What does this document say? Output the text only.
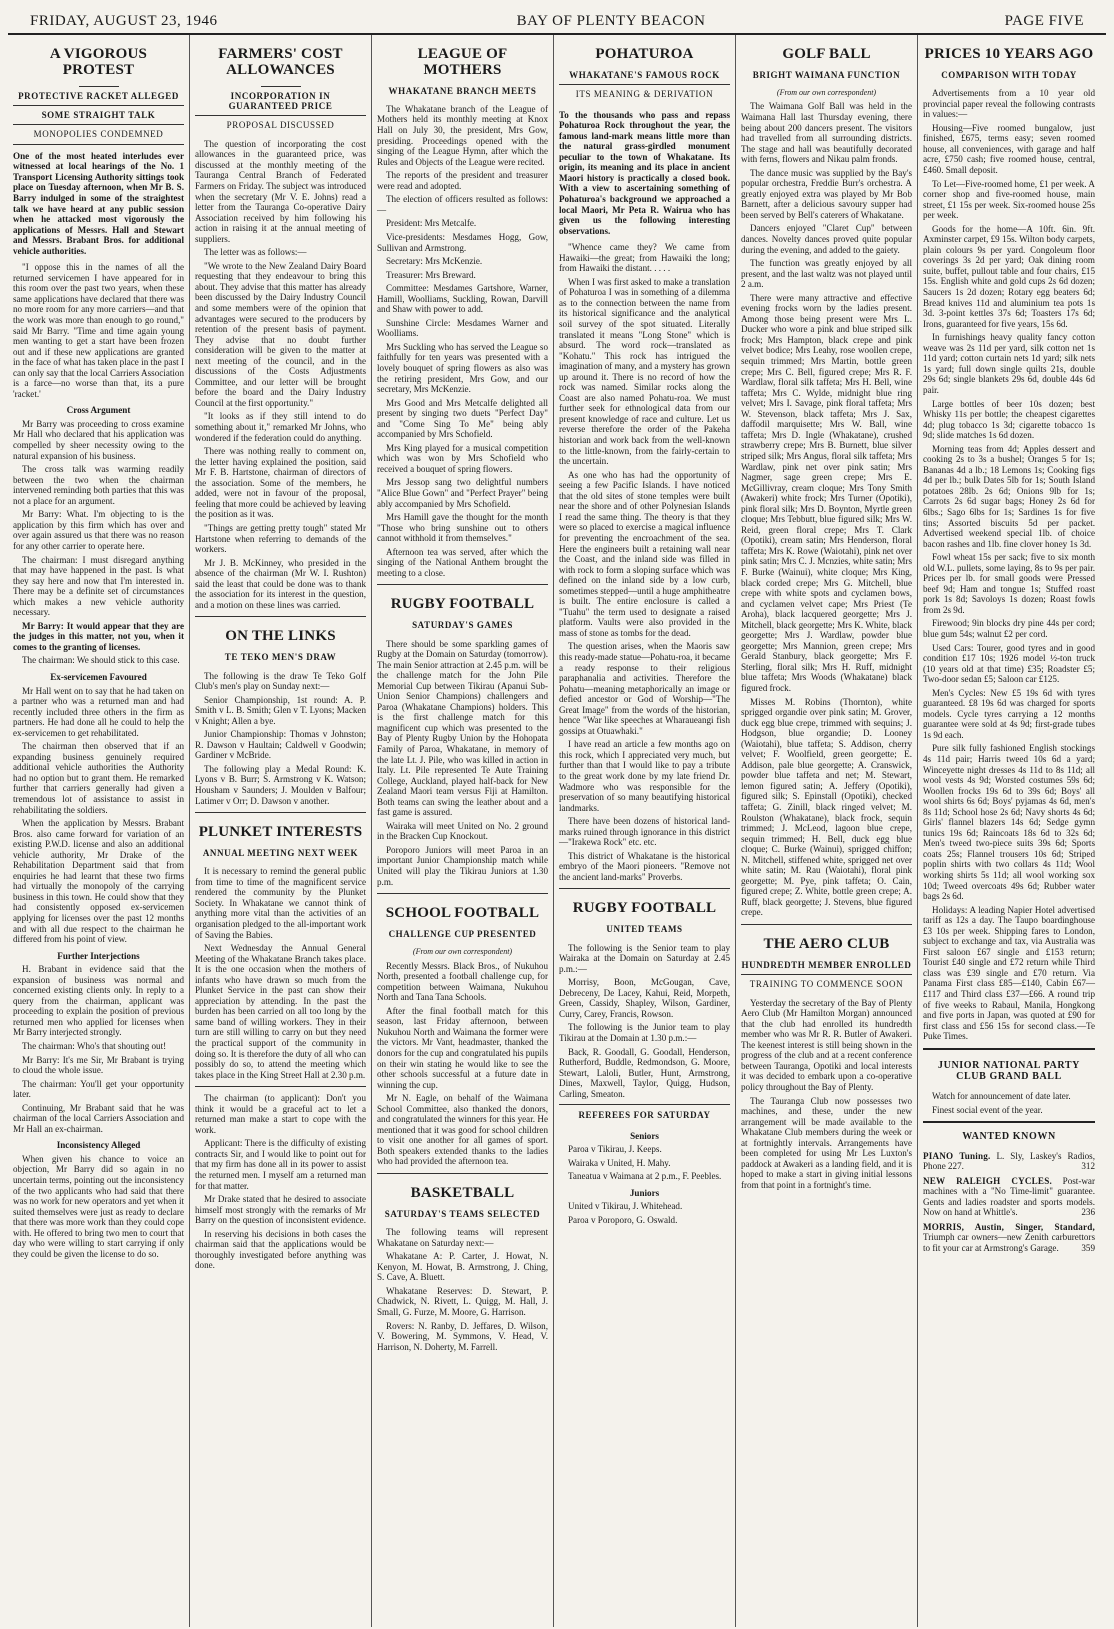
FRIDAY, AUGUST 23, 1946	BAY OF PLENTY BEACON	PAGE FIVE
A VIGOROUS PROTEST
PROTECTIVE RACKET ALLEGED
SOME STRAIGHT TALK
MONOPOLIES CONDEMNED
One of the most heated interludes ever witnessed at local hearings of the No. 1 Transport Licensing Authority sittings took place on Tuesday afternoon, when Mr B. S. Barry indulged in some of the straightest talk we have heard at any public session when he attacked most vigorously the applications of Messrs. Hall and Stewart and Messrs. Brabant Bros. for additional vehicle authorities.

"I oppose this in the names of all the returned servicemen I have appeared for in this room over the past two years, when these same applications have declared that there was no more room for any more carriers—and that the work was more than enough to go round," said Mr Barry. "Time and time again young men wanting to get a start have been frozen out and if these new applications are granted in the face of what has taken place in the past I can only say that the local Carriers Association is a farce—no worse than that, its a pure 'racket.'

Cross Argument

Mr Barry was proceeding to cross examine Mr Hall who declared that his application was compelled by sheer necessity owing to the natural expansion of his business.

The cross talk was warming readily between the two when the chairman intervened reminding both parties that this was not a place for an argument.

Mr Barry: What. I'm objecting to is the application by this firm which has over and over again assured us that there was no reason for any other carrier to operate here.

The chairman: I must disregard anything that may have happened in the past. Is what they say here and now that I'm interested in. There may be a definite set of circumstances which makes a new vehicle authority necessary.

Mr Barry: It would appear that they are the judges in this matter, not you, when it comes to the granting of licenses.

The chairman: We should stick to this case.

Ex-servicemen Favoured

Mr Hall went on to say that he had taken on a partner who was a returned man and had recently included three others in the firm as partners. He had done all he could to help the ex-servicemen to get rehabilitated.

The chairman then observed that if an expanding business genuinely required additional vehicle authorities the Authority had no option but to grant them. He remarked further that carriers generally had given a tremendous lot of assistance to assist in rehabilitating the soldiers.

When the application by Messrs. Brabant Bros. also came forward for variation of an existing P.W.D. license and also an additional vehicle authority, Mr Drake of the Rehabilitation Department said that from enquiries he had learnt that these two firms had virtually the monopoly of the carrying business in this town. He could show that they had consistently opposed ex-servicemen applying for licenses over the past 12 months and with all due respect to the chairman he differed from his point of view.

Further Interjections

H. Brabant in evidence said that the expansion of business was normal and concerned existing clients only. In reply to a query from the chairman, applicant was proceeding to explain the position of previous returned men who applied for licenses when Mr Barry interjected strongly.

The chairman: Who's that shouting out!

Mr Barry: It's me Sir, Mr Brabant is trying to cloud the whole issue.

The chairman: You'll get your opportunity later.

Continuing, Mr Brabant said that he was chairman of the local Carriers Association and Mr Hall an ex-chairman.

Inconsistency Alleged

When given his chance to voice an objection, Mr Barry did so again in no uncertain terms, pointing out the inconsistency of the two applicants who had said that there was no work for new operators and yet when it suited themselves were just as ready to declare that there was more work than they could cope with. He offered to bring two men to court that day who were willing to start carrying if only they could be given the license to do so.

FARMERS' COST ALLOWANCES
INCORPORATION IN GUARANTEED PRICE
PROPOSAL DISCUSSED

The question of incorporating the cost allowances in the guaranteed price, was discussed at the monthly meeting of the Tauranga Central Branch of Federated Farmers on Friday. The subject was introduced when the secretary (Mr V. E. Johns) read a letter from the Tauranga Co-operative Dairy Association received by him following his action in raising it at the annual meeting of suppliers.

The letter was as follows:—

"We wrote to the New Zealand Dairy Board requesting that they endeavour to bring this about. They advise that this matter has already been discussed by the Dairy Industry Council and some members were of the opinion that advantages were secured to the producers by retention of the present basis of payment. They advise that no doubt further consideration will be given to the matter at next meeting of the council, and in the discussions of the Costs Adjustments Committee, and our letter will be brought before the board and the Dairy Industry Council at the first opportunity."

"It looks as if they still intend to do something about it," remarked Mr Johns, who wondered if the federation could do anything.

There was nothing really to comment on, the letter having explained the position, said Mr F. B. Hartstone, chairman of directors of the association. Some of the members, he added, were not in favour of the proposal, feeling that more could be achieved by leaving the position as it was.

"Things are getting pretty tough" stated Mr Hartstone when referring to demands of the workers.

Mr J. B. McKinney, who presided in the absence of the chairman (Mr W. I. Rushton) said the least that could be done was to thank the association for its interest in the question, and a motion on these lines was carried.

ON THE LINKS
TE TEKO MEN'S DRAW

The following is the draw Te Teko Golf Club's men's play on Sunday next:—

Senior Championship, 1st round: A. P. Smith v L. B. Smith; Glen v T. Lyons; Macken v Knight; Allen a bye.

Junior Championship: Thomas v Johnston; R. Dawson v Haultain; Caldwell v Goodwin; Gardiner v McBride.

The following play a Medal Round: K. Lyons v B. Burr; S. Armstrong v K. Watson; Housham v Saunders; J. Moulden v Balfour; Latimer v Orr; D. Dawson v another.

PLUNKET INTERESTS
ANNUAL MEETING NEXT WEEK

It is necessary to remind the general public from time to time of the magnificent service rendered the community by the Plunket Society. In Whakatane we cannot think of anything more vital than the activities of an organisation pledged to the all-important work of Saving the Babies.

Next Wednesday the Annual General Meeting of the Whakatane Branch takes place. It is the one occasion when the mothers of infants who have drawn so much from the Plunket Service in the past can show their appreciation by attending. In the past the burden has been carried on all too long by the same band of willing workers. They in their turn are still willing to carry on but they need the practical support of the community in doing so. It is therefore the duty of all who can possibly do so, to attend the meeting which takes place in the King Street Hall at 2.30 p.m.

The chairman (to applicant): Don't you think it would be a graceful act to let a returned man make a start to cope with the work.

Applicant: There is the difficulty of existing contracts Sir, and I would like to point out for that my firm has done all in its power to assist the returned men. I myself am a returned man for that matter.

Mr Drake stated that he desired to associate himself most strongly with the remarks of Mr Barry on the question of inconsistent evidence.

In reserving his decisions in both cases the chairman said that the applications would be thoroughly investigated before anything was done.

LEAGUE OF MOTHERS
WHAKATANE BRANCH MEETS

The Whakatane branch of the League of Mothers held its monthly meeting at Knox Hall on July 30, the president, Mrs Gow, presiding. Proceedings opened with the singing of the League Hymn, after which the Rules and Objects of the League were recited.

The reports of the president and treasurer were read and adopted.

The election of officers resulted as follows:—

President: Mrs Metcalfe.

Vice-presidents: Mesdames Hogg, Gow, Sullivan and Armstrong.

Secretary: Mrs McKenzie.

Treasurer: Mrs Breward.

Committee: Mesdames Gartshore, Warner, Hamill, Woolliams, Suckling, Rowan, Darvill and Shaw with power to add.

Sunshine Circle: Mesdames Warner and Woolliams.

Mrs Suckling who has served the League so faithfully for ten years was presented with a lovely bouquet of spring flowers as also was the retiring president, Mrs Gow, and our secretary, Mrs McKenzie.

Mrs Good and Mrs Metcalfe delighted all present by singing two duets "Perfect Day" and "Come Sing To Me" being ably accompanied by Mrs Schofield.

Mrs King played for a musical competition which was won by Mrs Schofield who received a bouquet of spring flowers.

Mrs Jessop sang two delightful numbers "Alice Blue Gown" and "Perfect Prayer" being ably accompanied by Mrs Schofield.

Mrs Hamill gave the thought for the month "Those who bring sunshine out to others cannot withhold it from themselves."

Afternoon tea was served, after which the singing of the National Anthem brought the meeting to a close.

RUGBY FOOTBALL
SATURDAY'S GAMES

There should be some sparkling games of Rugby at the Domain on Saturday (tomorrow). The main Senior attraction at 2.45 p.m. will be the challenge match for the John Pile Memorial Cup between Tikirau (Apanui Sub-Union Senior Champions) challengers and Paroa (Whakatane Champions) holders. This is the first challenge match for this magnificent cup which was presented to the Bay of Plenty Rugby Union by the Hohopata Family of Paroa, Whakatane, in memory of the late Lt. J. Pile, who was killed in action in Italy. Lt. Pile represented Te Aute Training College, Auckland, played half-back for New Zealand Maori team versus Fiji at Hamilton. Both teams can swing the leather about and a fast game is assured.

Wairaka will meet United on No. 2 ground in the Bracken Cup Knockout.

Poroporo Juniors will meet Paroa in an important Junior Championship match while United will play the Tikirau Juniors at 1.30 p.m.

SCHOOL FOOTBALL
CHALLENGE CUP PRESENTED
(From our own correspondent)

Recently Messrs. Black Bros., of Nukuhou North, presented a football challenge cup, for competition between Waimana, Nukuhou North and Tana Tana Schools.

After the final football match for this season, last Friday afternoon, between Nukuhou North and Waimana the former were the victors. Mr Vant, headmaster, thanked the donors for the cup and congratulated his pupils on their win stating he would like to see the other schools successful at a future date in winning the cup.

Mr N. Eagle, on behalf of the Waimana School Committee, also thanked the donors, and congratulated the winners for this year. He mentioned that it was good for school children to visit one another for all games of sport. Both speakers extended thanks to the ladies who had provided the afternoon tea.

BASKETBALL
SATURDAY'S TEAMS SELECTED

The following teams will represent Whakatane on Saturday next:—

Whakatane A: P. Carter, J. Howat, N. Kenyon, M. Howat, B. Armstrong, J. Ching, S. Cave, A. Bluett.

Whakatane Reserves: D. Stewart, P. Chadwick, N. Rivett, L. Quigg, M. Hall, J. Small, G. Furze, M. Moore, G. Harrison.

Rovers: N. Ranby, D. Jeffares, D. Wilson, V. Bowering, M. Symmons, V. Head, V. Harrison, N. Doherty, M. Farrell.

POHATUROA
WHAKATANE'S FAMOUS ROCK
ITS MEANING & DERIVATION
To the thousands who pass and repass Pohaturoa Rock throughout the year, the famous land-mark means little more than the natural grass-girdled monument peculiar to the town of Whakatane. Its origin, its meaning and its place in ancient Maori history is practically a closed book. With a view to ascertaining something of Pohaturoa's background we approached a local Maori, Mr Peta R. Wairua who has given us the following interesting observations.

"Whence came they? We came from Hawaiki—the great; from Hawaiki the long; from Hawaiki the distant. . . . .

When I was first asked to make a translation of Pohaturoa I was in something of a dilemma as to the connection between the name from its historical significance and the analytical soil survey of the spot situated. Literally translated it means "Long Stone" which is absurd. The word rock—translated as "Kohatu." This rock has intrigued the imagination of many, and a mystery has grown up around it. There is no record of how the rock was named. Similar rocks along the Coast are also named Pohatu-roa. We must further seek for ethnological data from our present knowledge of race and culture. Let us reverse therefore the order of the Pakeha historian and work back from the well-known to the little-known, from the fairly-certain to the uncertain.

As one who has had the opportunity of seeing a few Pacific Islands. I have noticed that the old sites of stone temples were built near the shore and of other Polynesian Islands I read the same thing. The theory is that they were so placed to exercise a magical influence for preventing the encroachment of the sea. Here the engineers built a retaining wall near the Coast, and the inland side was filled in with rock to form a sloping surface which was defined on the inland side by a low curb, sometimes stepped—until a huge amphitheatre is built. The entire enclosure is called a "Tuahu" the term used to designate a raised platform. Vaults were also provided in the mass of stone as tombs for the dead.

The question arises, when the Maoris saw this ready-made statue—Pohatu-roa, it became a ready response to their religious paraphanalia and activities. Therefore the Pohatu—meaning metaphorically an image or defied ancestor or God of Worship—"The Great Image" from the words of the historian, hence "War like speeches at Wharaueangi fish gossips at Otuawhaki."

I have read an article a few months ago on this rock, which I appreciated very much, but further than that I would like to pay a tribute to the great work done by my late friend Dr. Wadmore who was responsible for the preservation of so many beautifying historical landmarks.

There have been dozens of historical land-marks ruined through ignorance in this district—"Irakewa Rock" etc. etc.

This district of Whakatane is the historical embryo of the Maori pioneers. "Remove not the ancient land-marks" Proverbs.

RUGBY FOOTBALL
UNITED TEAMS

The following is the Senior team to play Wairaka at the Domain on Saturday at 2.45 p.m.:—

Morrisy, Boon, McGougan, Cave, Debreceny, De Lacey, Kahui, Reid, Morpeth, Green, Cassidy, Shapley, Wilson, Gardiner, Curry, Carey, Francis, Rowson.

The following is the Junior team to play Tikirau at the Domain at 1.30 p.m.:—

Back, R. Goodall, G. Goodall, Henderson, Rutherford, Buddle, Redmondson, G. Moore, Stewart, Laloli, Butler, Hunt, Armstrong, Dines, Maxwell, Taylor, Quigg, Hudson, Carling, Smeaton.

REFEREES FOR SATURDAY
Seniors

Paroa v Tikirau, J. Keeps.

Wairaka v United, H. Mahy.

Taneatua v Waimana at 2 p.m., F. Peebles.

Juniors

United v Tikirau, J. Whitehead.

Paroa v Poroporo, G. Oswald.

GOLF BALL
BRIGHT WAIMANA FUNCTION
(From our own correspondent)

The Waimana Golf Ball was held in the Waimana Hall last Thursday evening, there being about 200 dancers present. The visitors had travelled from all surrounding districts. The stage and hall was beautifully decorated with ferns, flowers and Nikau palm fronds.

The dance music was supplied by the Bay's popular orchestra, Freddie Burr's orchestra. A greatly enjoyed extra was played by Mr Bob Barnett, after a delicious savoury supper had been served by Bell's caterers of Whakatane.

Dancers enjoyed "Claret Cup" between dances. Novelty dances proved quite popular during the evening, and added to the gaiety.

The function was greatly enjoyed by all present, and the last waltz was not played until 2 a.m.

There were many attractive and effective evening frocks worn by the ladies present. Among those being present were Mrs L. Ducker who wore a pink and blue striped silk frock; Mrs Hampton, black crepe and pink velvet bodice; Mrs Leahy, rose woollen crepe, sequin trimmed; Mrs Martin, bottle green crepe; Mrs C. Bell, figured crepe; Mrs R. F. Wardlaw, floral silk taffeta; Mrs H. Bell, wine taffeta; Mrs C. Wylde, midnight blue ring velvet; Mrs I. Savage, pink floral taffeta; Mrs W. Stevenson, black taffeta; Mrs J. Sax, daffodil marquisette; Mrs W. Ball, wine taffeta; Mrs D. Ingle (Whakatane), crushed strawberry crepe; Mrs B. Burnett, blue silver striped silk; Mrs Angus, floral silk taffeta; Mrs Wardlaw, pink net over pink satin; Mrs Nagmer, sage green crepe; Mrs E. McGillivray, cream cloque; Mrs Tony Smith (Awakeri) white frock; Mrs Turner (Opotiki), pink floral silk; Mrs D. Boynton, Myrtle green cloque; Mrs Tebbutt, blue figured silk; Mrs W. Reid, green floral crepe; Mrs T. Clark (Opotiki), cream satin; Mrs Henderson, floral taffeta; Mrs K. Rowe (Waiotahi), pink net over pink satin; Mrs C. J. Mcnzies, white satin; Mrs F. Burke (Wainui), white cloque; Mrs King, black corded crepe; Mrs G. Mitchell, blue crepe with white spots and cyclamen bows, and cyclamen velvet cape; Mrs Priest (Te Aroha), black lacquered georgette; Mrs J. Mitchell, black georgette; Mrs K. White, black georgette; Mrs J. Wardlaw, powder blue georgette; Mrs Mannion, green crepe; Mrs Gerald Stanbury, black georgette; Mrs F. Sterling, floral silk; Mrs H. Ruff, midnight blue taffeta; Mrs Woods (Whakatane) black figured frock.

Misses M. Robins (Thornton), white sprigged organdie over pink satin; M. Grover, duck egg blue crepe, trimmed with sequins; J. Hodgson, blue organdie; D. Looney (Waiotahi), blue taffeta; S. Addison, cherry velvet; F. Woolfield, green georgette; E. Addison, pale blue georgette; A. Cranswick, powder blue taffeta and net; M. Stewart, lemon figured satin; A. Jeffery (Opotiki), figured silk; S. Epinstall (Opotiki), checked taffeta; G. Zinill, black ringed velvet; M. Roulston (Whakatane), black frock, sequin trimmed; J. McLeod, lagoon blue crepe, sequin trimmed; H. Bell, duck egg blue cloque; C. Burke (Wainui), sprigged chiffon; N. Mitchell, stiffened white, sprigged net over white satin; M. Rau (Waiotahi), floral pink georgette; M. Pye, pink taffeta; O. Cain, figured crepe; Z. White, bottle green crepe; A. Ruff, black georgette; J. Stevens, blue figured crepe.

THE AERO CLUB
HUNDREDTH MEMBER ENROLLED
TRAINING TO COMMENCE SOON

Yesterday the secretary of the Bay of Plenty Aero Club (Mr Hamilton Morgan) announced that the club had enrolled its hundredth member who was Mr R. R. Butler of Awakeri. The keenest interest is still being shown in the progress of the club and at a recent conference between Tauranga, Opotiki and local interests it was decided to embark upon a co-operative policy throughout the Bay of Plenty.

The Tauranga Club now possesses two machines, and these, under the new arrangement will be made available to the Whakatane Club members during the week or at fortnightly intervals. Arrangements have been completed for using Mr Les Luxton's paddock at Awakeri as a landing field, and it is hoped to make a start in giving initial lessons from that point in a fortnight's time.

PRICES 10 YEARS AGO
COMPARISON WITH TODAY

Advertisements from a 10 year old provincial paper reveal the following contrasts in values:—

Housing—Five roomed bungalow, just finished, £675, terms easy; seven roomed house, all conveniences, with garage and half acre, £750 cash; five roomed house, central, £460. Small deposit.

To Let—Five-roomed home, £1 per week. A corner shop and five-roomed house, main street, £1 15s per week. Six-roomed house 25s per week.

Goods for the home—A 10ft. 6in. 9ft. Axminster carpet, £9 15s. Wilton body carpets, plain colours 9s per yard. Congoleum floor coverings 3s 2d per yard; Oak dining room suite, buffet, pullout table and four chairs, £15 15s. English white and gold cups 2s 6d dozen; Saucers 1s 2d dozen; Rotary egg beaters 6d; Bread knives 11d and aluminium tea pots 1s 3d. 3-point kettles 37s 6d; Toasters 17s 6d; Irons, guaranteed for five years, 15s 6d.

In furnishings heavy quality fancy cotton weave was 2s 11d per yard, silk cotton net 1s 11d yard; cotton curtain nets 1d yard; silk nets 1s yard; full down single quilts 21s, double 29s 6d; single blankets 29s 6d, double 44s 6d pair.

Large bottles of beer 10s dozen; best Whisky 11s per bottle; the cheapest cigarettes 4d; plug tobacco 1s 3d; cigarette tobacco 1s 9d; slide matches 1s 6d dozen.

Morning teas from 4d; Apples dessert and cooking 2s to 3s a bushel; Oranges 5 for 1s; Bananas 4d a lb.; 18 Lemons 1s; Cooking figs 4d per lb.; bulk Dates 5lb for 1s; South Island potatoes 28lb. 2s 6d; Onions 9lb for 1s; Carrots 2s 6d sugar bags; Honey 2s 6d for 6lbs.; Sago 6lbs for 1s; Sardines 1s for five tins; Assorted biscuits 5d per packet. Advertised weekend special 1lb. of choice bacon rashes and 1lb. fine clover honey 1s 3d.

Fowl wheat 15s per sack; five to six month old W.L. pullets, some laying, 8s to 9s per pair. Prices per lb. for small goods were Pressed beef 9d; Ham and tongue 1s; Stuffed roast pork 1s 8d; Savoloys 1s dozen; Roast fowls from 2s 9d.

Firewood; 9in blocks dry pine 44s per cord; blue gum 54s; walnut £2 per cord.

Used Cars: Tourer, good tyres and in good condition £17 10s; 1926 model ½-ton truck (10 years old at that time) £35; Roadster £5; Two-door sedan £5; Saloon car £125.

Men's Cycles: New £5 19s 6d with tyres guaranteed. £8 19s 6d was charged for sports models. Cycle tyres carrying a 12 months guarantee were sold at 4s 9d; first-grade tubes 1s 9d each.

Pure silk fully fashioned English stockings 4s 11d pair; Harris tweed 10s 6d a yard; Winceyette night dresses 4s 11d to 8s 11d; all wool vests 4s 9d; Worsted costumes 59s 6d; Woollen frocks 19s 6d to 39s 6d; Boys' all wool shirts 6s 6d; Boys' pyjamas 4s 6d, men's 8s 11d; School hose 2s 6d; Navy shorts 4s 6d; Girls' flannel blazers 14s 6d; Sedge gymn tunics 19s 6d; Raincoats 18s 6d to 32s 6d; Men's tweed two-piece suits 39s 6d; Sports coats 25s; Flannel trousers 10s 6d; Striped poplin shirts with two collars 4s 11d; Wool working shirts 5s 11d; all wool working sox 10d; Tweed overcoats 49s 6d; Rubber water bags 2s 6d.

Holidays: A leading Napier Hotel advertised tariff as 12s a day. The Taupo boardinghouse £3 10s per week. Shipping fares to London, subject to exchange and tax, via Australia was First saloon £67 single and £153 return; Tourist £40 single and £72 return while Third class was £39 single and £70 return. Via Panama First class £85—£140, Cabin £67—£117 and Third class £37—£66. A round trip of five weeks to Rabaul, Manila, Hongkong and five ports in Japan, was quoted at £90 for first class and £56 15s for second class.—Te Puke Times.

JUNIOR NATIONAL PARTY CLUB GRAND BALL

Watch for announcement of date later.

Finest social event of the year.

WANTED KNOWN
PIANO Tuning. L. Sly, Laskey's Radios, Phone 227.	312
NEW RALEIGH CYCLES. Post-war machines with a "No Time-limit" guarantee. Gents and ladies roadster and sports models. Now on hand at Whittle's.	236
MORRIS, Austin, Singer, Standard, Triumph car owners—new Zenith carburettors to fit your car at Armstrong's Garage. 359
